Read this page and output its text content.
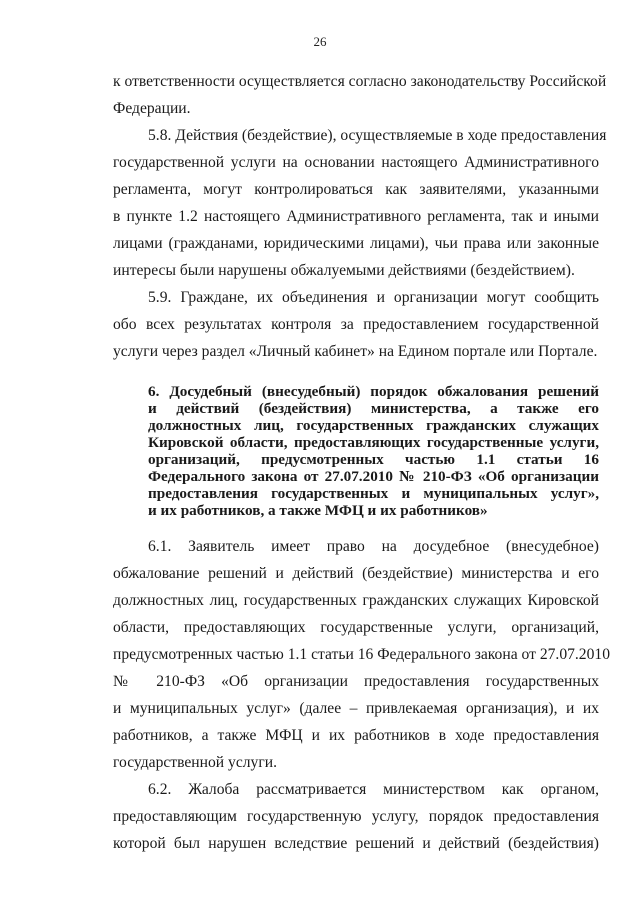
26
к ответственности осуществляется согласно законодательству Российской
Федерации.
5.8. Действия (бездействие), осуществляемые в ходе предоставления
государственной услуги на основании настоящего Административного
регламента, могут контролироваться как заявителями, указанными
в пункте 1.2 настоящего Административного регламента, так и иными
лицами (гражданами, юридическими лицами), чьи права или законные
интересы были нарушены обжалуемыми действиями (бездействием).
5.9. Граждане, их объединения и организации могут сообщить
обо всех результатах контроля за предоставлением государственной
услуги через раздел «Личный кабинет» на Едином портале или Портале.
6. Досудебный (внесудебный) порядок обжалования решений
и действий (бездействия) министерства, а также его
должностных лиц, государственных гражданских служащих
Кировской области, предоставляющих государственные услуги,
организаций, предусмотренных частью 1.1 статьи 16
Федерального закона от 27.07.2010 № 210-ФЗ «Об организации
предоставления государственных и муниципальных услуг»,
и их работников, а также МФЦ и их работников»
6.1. Заявитель имеет право на досудебное (внесудебное)
обжалование решений и действий (бездействие) министерства и его
должностных лиц, государственных гражданских служащих Кировской
области, предоставляющих государственные услуги, организаций,
предусмотренных частью 1.1 статьи 16 Федерального закона от 27.07.2010
№ 210-ФЗ «Об организации предоставления государственных
и муниципальных услуг» (далее – привлекаемая организация), и их
работников, а также МФЦ и их работников в ходе предоставления
государственной услуги.
6.2. Жалоба рассматривается министерством как органом,
предоставляющим государственную услугу, порядок предоставления
которой был нарушен вследствие решений и действий (бездействия)
